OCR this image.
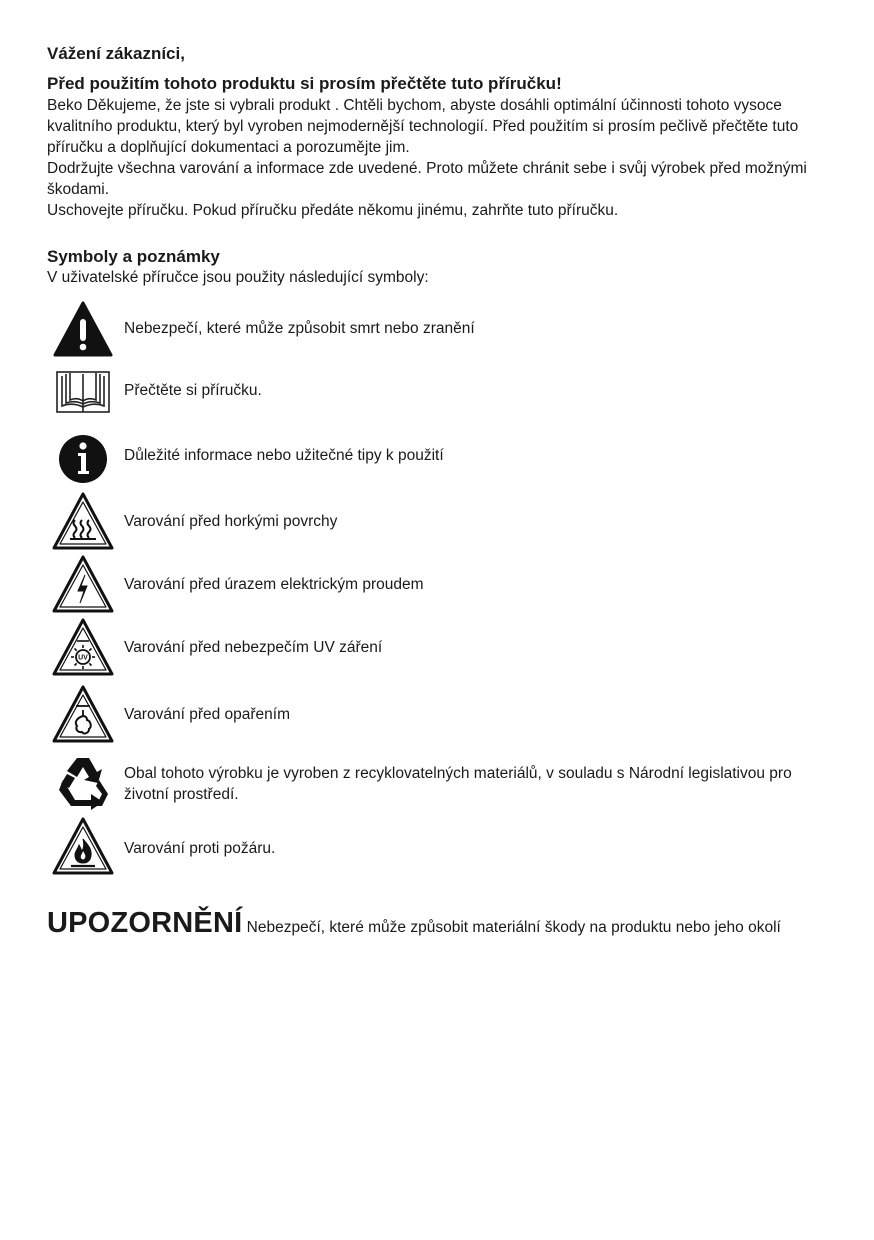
Vážení zákazníci,
Před použitím tohoto produktu si prosím přečtěte tuto příručku!

Beko Děkujeme, že jste si vybrali produkt . Chtěli bychom, abyste dosáhli optimální účinnosti tohoto vysoce kvalitního produktu, který byl vyroben nejmodernější technologií. Před použitím si prosím pečlivě přečtěte tuto příručku a doplňující dokumentaci a porozumějte jim.

Dodržujte všechna varování a informace zde uvedené. Proto můžete chránit sebe i svůj výrobek před možnými škodami.

Uschovejte příručku. Pokud příručku předáte někomu jinému, zahrňte tuto příručku.

Symboly a poznámky
V uživatelské příručce jsou použity následující symboly:
Nebezpečí, které může způsobit smrt nebo zranění
Přečtěte si příručku.
Důležité informace nebo užitečné tipy k použití
Varování před horkými povrchy
Varování před úrazem elektrickým proudem
UV
Varování před nebezpečím UV záření
Varování před opařením
Obal tohoto výrobku je vyroben z recyklovatelných materiálů, v souladu s Národní legislativou pro životní prostředí.
Varování proti požáru.
UPOZORNĚNÍ Nebezpečí, které může způsobit materiální škody na produktu nebo jeho okolí
